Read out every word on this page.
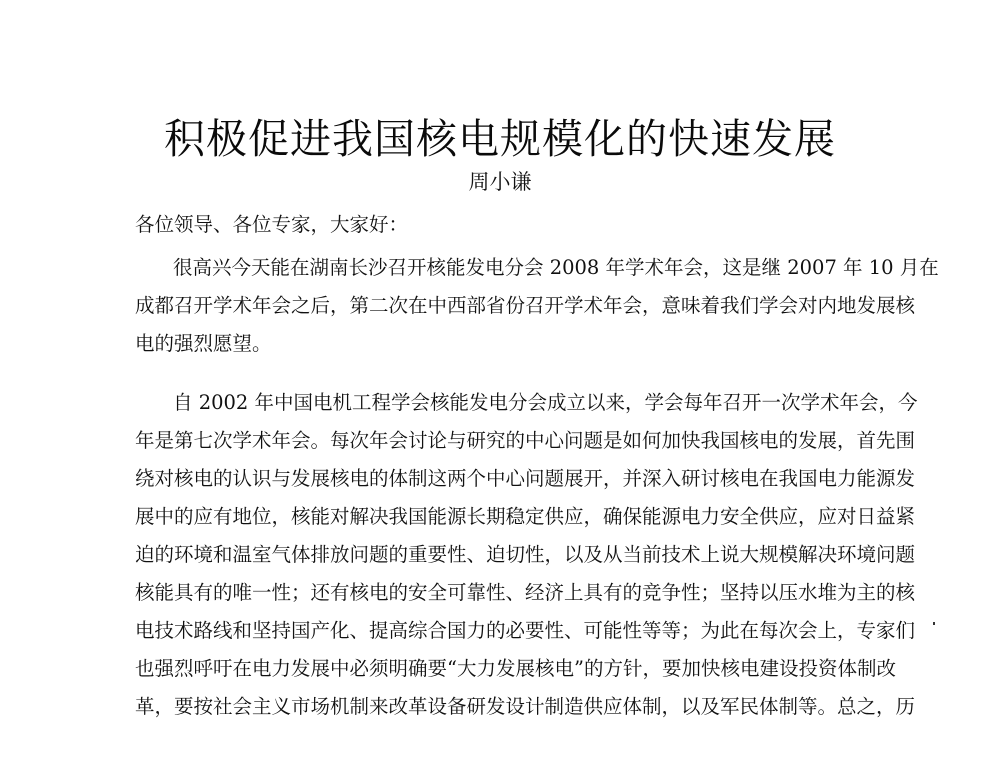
积极促进我国核电规模化的快速发展
周小谦
各位领导、各位专家，大家好：
很高兴今天能在湖南长沙召开核能发电分会 2008 年学术年会，这是继 2007 年 10 月在
成都召开学术年会之后，第二次在中西部省份召开学术年会，意味着我们学会对内地发展核
电的强烈愿望。
自 2002 年中国电机工程学会核能发电分会成立以来，学会每年召开一次学术年会，今
年是第七次学术年会。每次年会讨论与研究的中心问题是如何加快我国核电的发展，首先围
绕对核电的认识与发展核电的体制这两个中心问题展开，并深入研讨核电在我国电力能源发
展中的应有地位，核能对解决我国能源长期稳定供应，确保能源电力安全供应，应对日益紧
迫的环境和温室气体排放问题的重要性、迫切性，以及从当前技术上说大规模解决环境问题
核能具有的唯一性；还有核电的安全可靠性、经济上具有的竞争性；坚持以压水堆为主的核
电技术路线和坚持国产化、提高综合国力的必要性、可能性等等；为此在每次会上，专家们
也强烈呼吁在电力发展中必须明确要“大力发展核电”的方针，要加快核电建设投资体制改
革，要按社会主义市场机制来改革设备研发设计制造供应体制，以及军民体制等。总之，历
